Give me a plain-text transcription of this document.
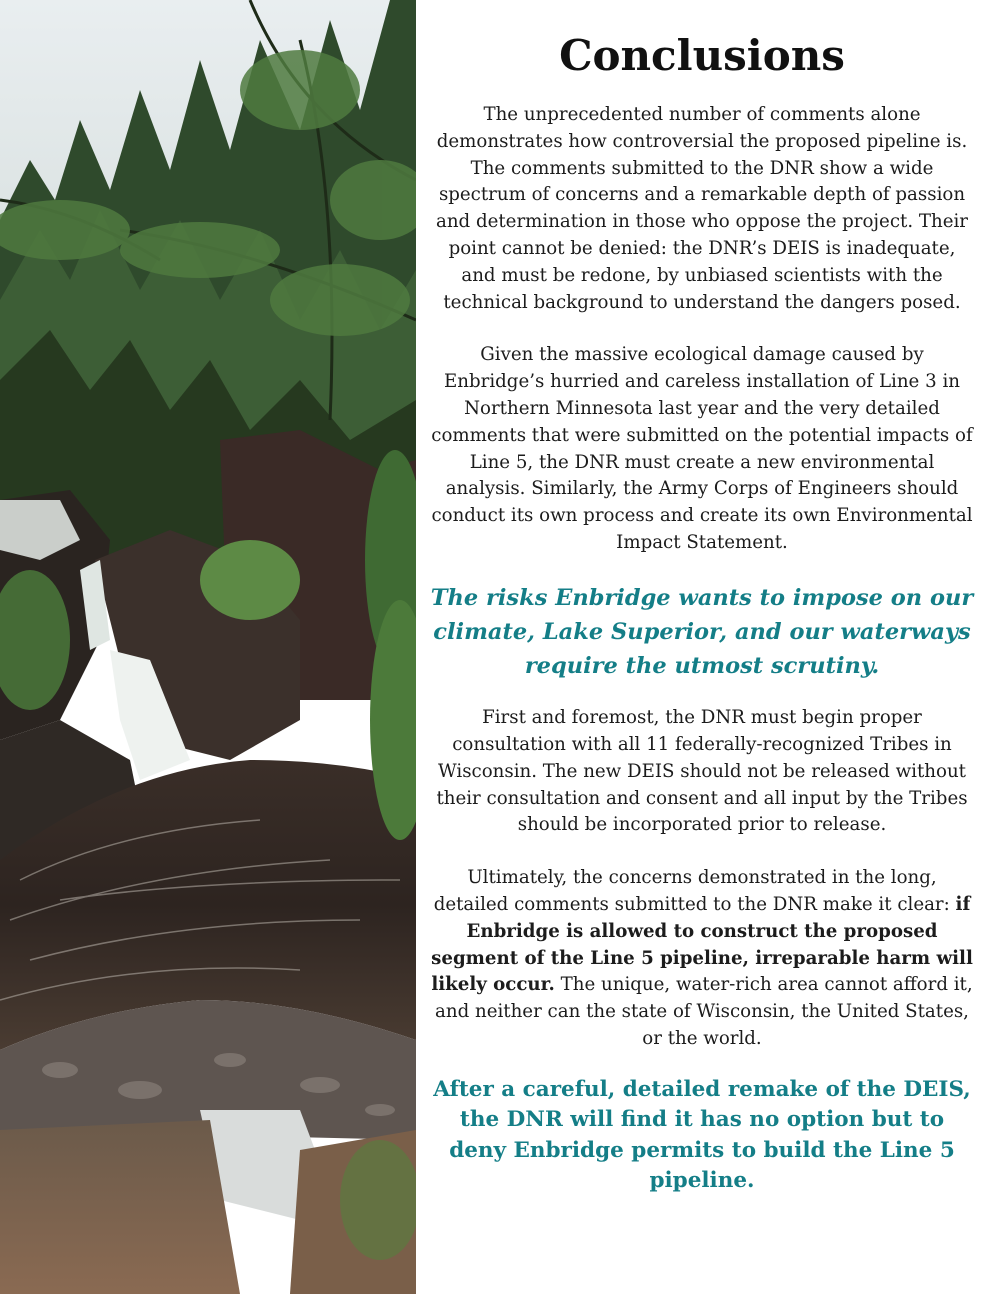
Conclusions

The unprecedented number of comments alone demonstrates how controversial the proposed pipeline is. The comments submitted to the DNR show a wide spectrum of concerns and a remarkable depth of passion and determination in those who oppose the project. Their point cannot be denied: the DNR’s DEIS is inadequate, and must be redone, by unbiased scientists with the technical background to understand the dangers posed.

Given the massive ecological damage caused by Enbridge’s hurried and careless installation of Line 3 in Northern Minnesota last year and the very detailed comments that were submitted on the potential impacts of Line 5, the DNR must create a new environmental analysis. Similarly, the Army Corps of Engineers should conduct its own process and create its own Environmental Impact Statement.

The risks Enbridge wants to impose on our climate, Lake Superior, and our waterways require the utmost scrutiny.

First and foremost, the DNR must begin proper consultation with all 11 federally-recognized Tribes in Wisconsin. The new DEIS should not be released without their consultation and consent and all input by the Tribes should be incorporated prior to release.

Ultimately, the concerns demonstrated in the long, detailed comments submitted to the DNR make it clear: if Enbridge is allowed to construct the proposed segment of the Line 5 pipeline, irreparable harm will likely occur. The unique, water-rich area cannot afford it, and neither can the state of Wisconsin, the United States, or the world.

After a careful, detailed remake of the DEIS, the DNR will find it has no option but to deny Enbridge permits to build the Line 5 pipeline.
